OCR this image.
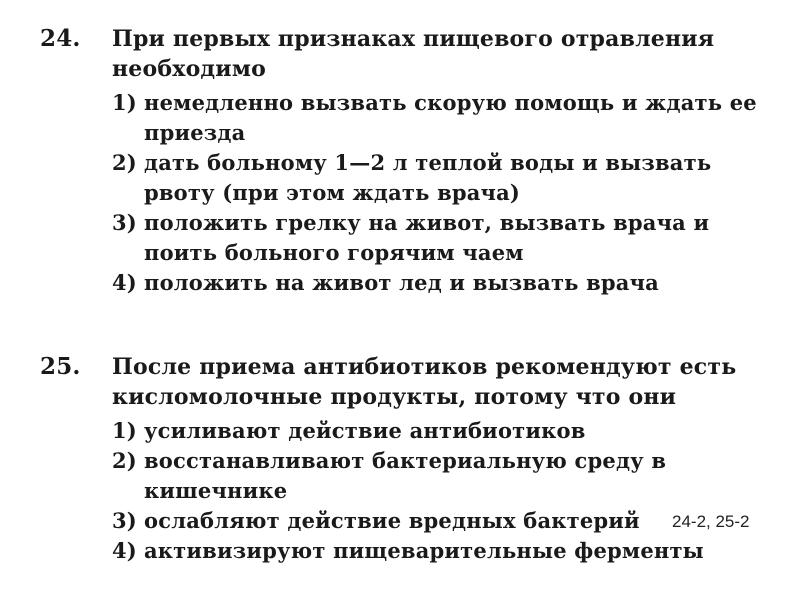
24. При первых признаках пищевого отравления необходимо
1) немедленно вызвать скорую помощь и ждать ее приезда
2) дать больному 1—2 л теплой воды и вызвать рвоту (при этом ждать врача)
3) положить грелку на живот, вызвать врача и поить больного горячим чаем
4) положить на живот лед и вызвать врача
25. После приема антибиотиков рекомендуют есть кисломолочные продукты, потому что они
1) усиливают действие антибиотиков
2) восстанавливают бактериальную среду в кишечнике
3) ослабляют действие вредных бактерий
4) активизируют пищеварительные ферменты
24-2, 25-2
